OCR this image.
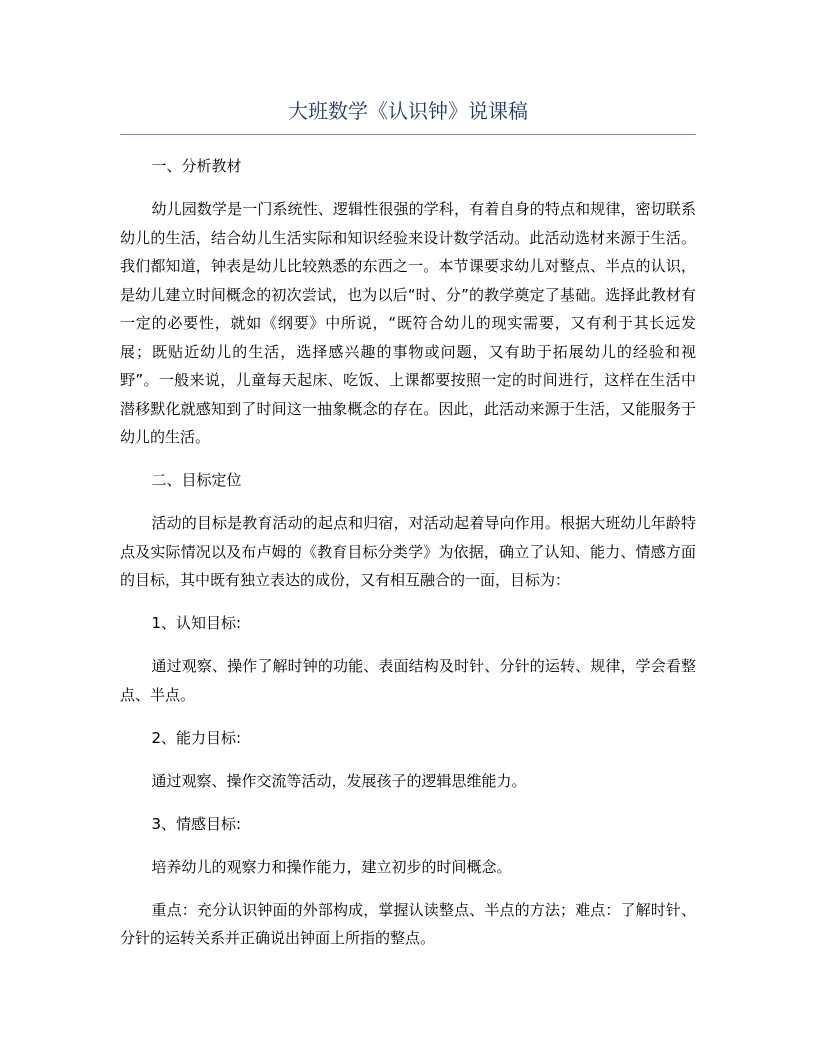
大班数学《认识钟》说课稿

一、分析教材

幼儿园数学是一门系统性、逻辑性很强的学科，有着自身的特点和规律，密切联系幼儿的生活，结合幼儿生活实际和知识经验来设计数学活动。此活动选材来源于生活。我们都知道，钟表是幼儿比较熟悉的东西之一。本节课要求幼儿对整点、半点的认识，是幼儿建立时间概念的初次尝试，也为以后“时、分”的教学奠定了基础。选择此教材有一定的必要性，就如《纲要》中所说，“既符合幼儿的现实需要，又有利于其长远发展；既贴近幼儿的生活，选择感兴趣的事物或问题，又有助于拓展幼儿的经验和视野”。一般来说，儿童每天起床、吃饭、上课都要按照一定的时间进行，这样在生活中潜移默化就感知到了时间这一抽象概念的存在。因此，此活动来源于生活，又能服务于幼儿的生活。

二、目标定位

活动的目标是教育活动的起点和归宿，对活动起着导向作用。根据大班幼儿年龄特点及实际情况以及布卢姆的《教育目标分类学》为依据，确立了认知、能力、情感方面的目标，其中既有独立表达的成份，又有相互融合的一面，目标为：

1、认知目标:

通过观察、操作了解时钟的功能、表面结构及时针、分针的运转、规律，学会看整点、半点。

2、能力目标:

通过观察、操作交流等活动，发展孩子的逻辑思维能力。

3、情感目标:

培养幼儿的观察力和操作能力，建立初步的时间概念。

重点：充分认识钟面的外部构成，掌握认读整点、半点的方法；难点：了解时针、分针的运转关系并正确说出钟面上所指的整点。
